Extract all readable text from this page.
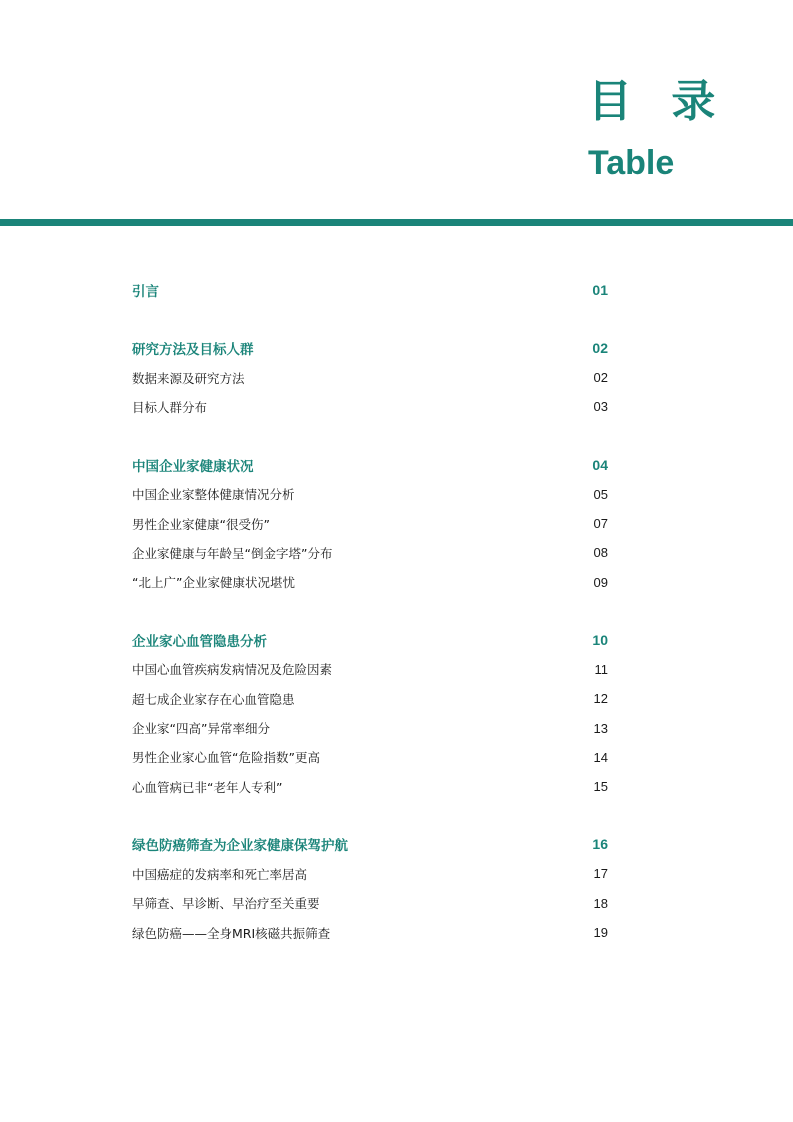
目 录
Table
引言	01
研究方法及目标人群	02
数据来源及研究方法	02
目标人群分布	03
中国企业家健康状况	04
中国企业家整体健康情况分析	05
男性企业家健康“很受伤”	07
企业家健康与年龄呈“倒金字塔”分布	08
“北上广”企业家健康状况堪忧	09
企业家心血管隐患分析	10
中国心血管疾病发病情况及危险因素	11
超七成企业家存在心血管隐患	12
企业家“四高”异常率细分	13
男性企业家心血管“危险指数”更高	14
心血管病已非“老年人专利”	15
绿色防癌筛查为企业家健康保驾护航	16
中国癌症的发病率和死亡率居高	17
早筛查、早诊断、早治疗至关重要	18
绿色防癌——全身MRI核磁共振筛查	19
